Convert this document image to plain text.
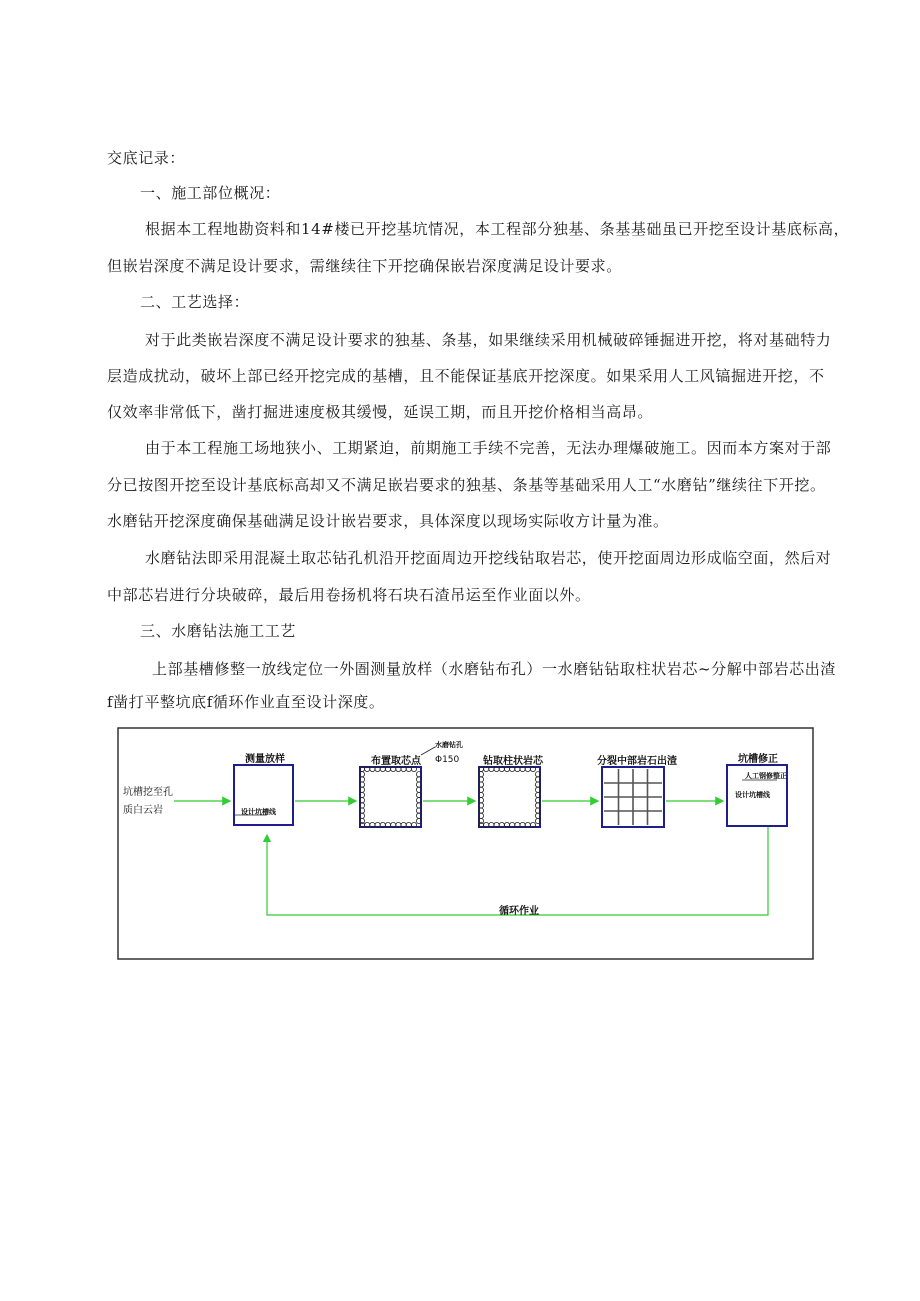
交底记录：
一、施工部位概况：
根据本工程地勘资料和14#楼已开挖基坑情况，本工程部分独基、条基基础虽已开挖至设计基底标高，
但嵌岩深度不满足设计要求，需继续往下开挖确保嵌岩深度满足设计要求。
二、工艺选择：
对于此类嵌岩深度不满足设计要求的独基、条基，如果继续采用机械破碎锤掘进开挖，将对基础特力
层造成扰动，破坏上部已经开挖完成的基槽，且不能保证基底开挖深度。如果采用人工风镐掘进开挖，不
仅效率非常低下，凿打掘进速度极其缓慢，延误工期，而且开挖价格相当高昂。
由于本工程施工场地狭小、工期紧迫，前期施工手续不完善，无法办理爆破施工。因而本方案对于部
分已按图开挖至设计基底标高却又不满足嵌岩要求的独基、条基等基础采用人工“水磨钻”继续往下开挖。
水磨钻开挖深度确保基础满足设计嵌岩要求，具体深度以现场实际收方计量为准。
水磨钻法即采用混凝土取芯钻孔机沿开挖面周边开挖线钻取岩芯，使开挖面周边形成临空面，然后对
中部芯岩进行分块破碎，最后用卷扬机将石块石渣吊运至作业面以外。
三、水磨钻法施工工艺
上部基槽修整一放线定位一外圄测量放样（水磨钻布孔）一水磨钻钻取柱状岩芯~分解中部岩芯出渣
f凿打平整坑底f循环作业直至设计深度。
坑槽挖至孔
质白云岩
测量放样	布置取芯点	钻取柱状岩芯	分裂中部岩石出渣	坑槽修正
设计坑槽线
水磨钻孔
Φ150
人工钢修整正
设计坑槽线
循环作业
